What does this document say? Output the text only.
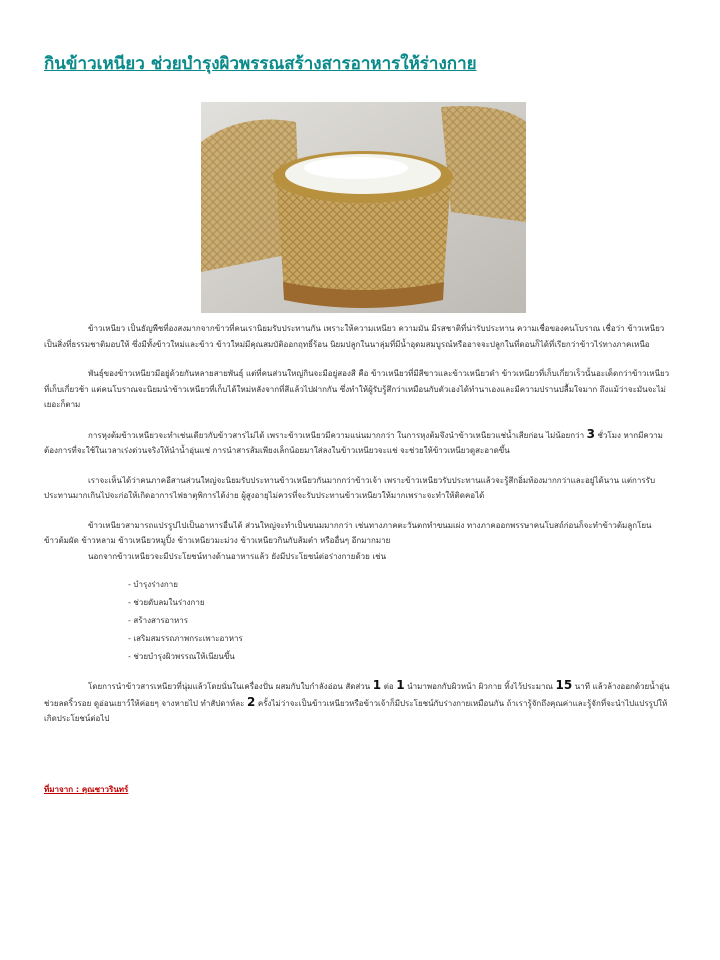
กินข้าวเหนียว ช่วยบำรุงผิวพรรณสร้างสารอาหารให้ร่างกาย

ข้าวเหนียว เป็นธัญพืชที่องสงมากจากข้าวที่คนเรานิยมรับประทานกัน เพราะให้ความเหนียว ความมัน มีรสชาติที่น่ารับประทาน ความเชื่อของคนโบราณ เชื่อว่า ข้าวเหนียวเป็นสิ่งที่ธรรมชาติมอบให้ ซึ่งมีทั้งข้าวใหม่และข้าว ข้าวใหม่มีคุณสมบัติออกฤทธิ์ร้อน นิยมปลูกในนาลุ่มที่มีน้ำอุดมสมบูรณ์หรืออาจจะปลูกในที่ดอนก็ได้ที่เรียกว่าข้าวไร่ทางภาคเหนือ

พันธุ์ของข้าวเหนียวมีอยู่ด้วยกันหลายสายพันธุ์ แต่ที่คนส่วนใหญ่กินจะมีอยู่สองสี คือ ข้าวเหนียวที่มีสีขาวและข้าวเหนียวดำ ข้าวเหนียวที่เก็บเกี่ยวเร็วนั้นอะเด็ดกว่าข้าวเหนียวที่เก็บเกี่ยวช้า แต่คนโบราณจะนิยมนำข้าวเหนียวที่เก็บได้ใหม่หลังจากที่สีแล้วไปฝากกัน ซึ่งทำให้ผู้รับรู้สึกว่าเหมือนกับตัวเองได้ทำนาเองและมีความปรานปลื้มใจมาก ถึงแม้ว่าจะมันจะไม่เยอะก็ตาม

การหุงต้มข้าวเหนียวจะทำเช่นเดียวกับข้าวสารไม่ได้ เพราะข้าวเหนียวมีความแน่นมากกว่า ในการหุงต้มจึงนำข้าวเหนียวแช่น้ำเสียก่อน ไม่น้อยกว่า 3 ชั่วโมง หากมีความต้องการที่จะใช้ในเวลาเร่งด่วนจริงให้นำน้ำอุ่นแช่ การนำสารส้มเพียงเล็กน้อยมาใส่ลงในข้าวเหนียวจะแช่ จะช่วยให้ข้าวเหนียวดูสะอาดขึ้น

เราจะเห็นได้ว่าคนภาคอีสานส่วนใหญ่จะนิยมรับประทานข้าวเหนียวกันมากกว่าข้าวเจ้า เพราะข้าวเหนียวรับประทานแล้วจะรู้สึกอิ่มท้องมากกว่าและอยู่ได้นาน แต่การรับประทานมากเกินไปจะก่อให้เกิดอาการไฟธาตุพิการได้ง่าย ผู้สูงอายุไม่ควรที่จะรับประทานข้าวเหนียวให้มากเพราะจะทำให้ติดคอได้

ข้าวเหนียวสามารถแปรรูปไปเป็นอาหารอื่นได้ ส่วนใหญ่จะทำเป็นขนมมากกว่า เช่นทางภาคตะวันตกทำขนมเผ่ง ทางภาคออกพรรษาคนโบสถ์ก่อนก็จะทำข้าวต้มลูกโยน ข้าวต้มผัด ข้าวหลาม ข้าวเหนียวหมูปิ้ง ข้าวเหนียวมะม่วง ข้าวเหนียวกินกับส้มตำ หรืออื่นๆ อีกมากมาย

นอกจากข้าวเหนียวจะมีประโยชน์ทางด้านอาหารแล้ว ยังมีประโยชน์ต่อร่างกายด้วย เช่น

- บำรุงร่างกาย
- ช่วยดับลมในร่างกาย
- สร้างสารอาหาร
- เสริมสมรรถภาพกระเพาะอาหาร
- ช่วยบำรุงผิวพรรณให้เนียนขึ้น

โดยการนำข้าวสารเหนียวที่นุ่มแล้วโดยนั่นในเครื่องปั่น ผสมกับใบกำลังอ่อน สัดส่วน 1 ต่อ 1 นำมาพอกกับผิวหน้า ผิวกาย ทิ้งไว้ประมาณ 15 นาที แล้วล้างออกด้วยน้ำอุ่นช่วยลดริ้วรอย ดูอ่อนเยาว์ให้ค่อยๆ จางหายไป ทำสัปดาห์ละ 2 ครั้งไม่ว่าจะเป็นข้าวเหนียวหรือข้าวเจ้าก็มีประโยชน์กับร่างกายเหมือนกัน ถ้าเรารู้จักถึงคุณค่าและรู้จักที่จะนำไปแปรรูปให้เกิดประโยชน์ต่อไป

ที่มาจาก : คุณชาวรินทร์
